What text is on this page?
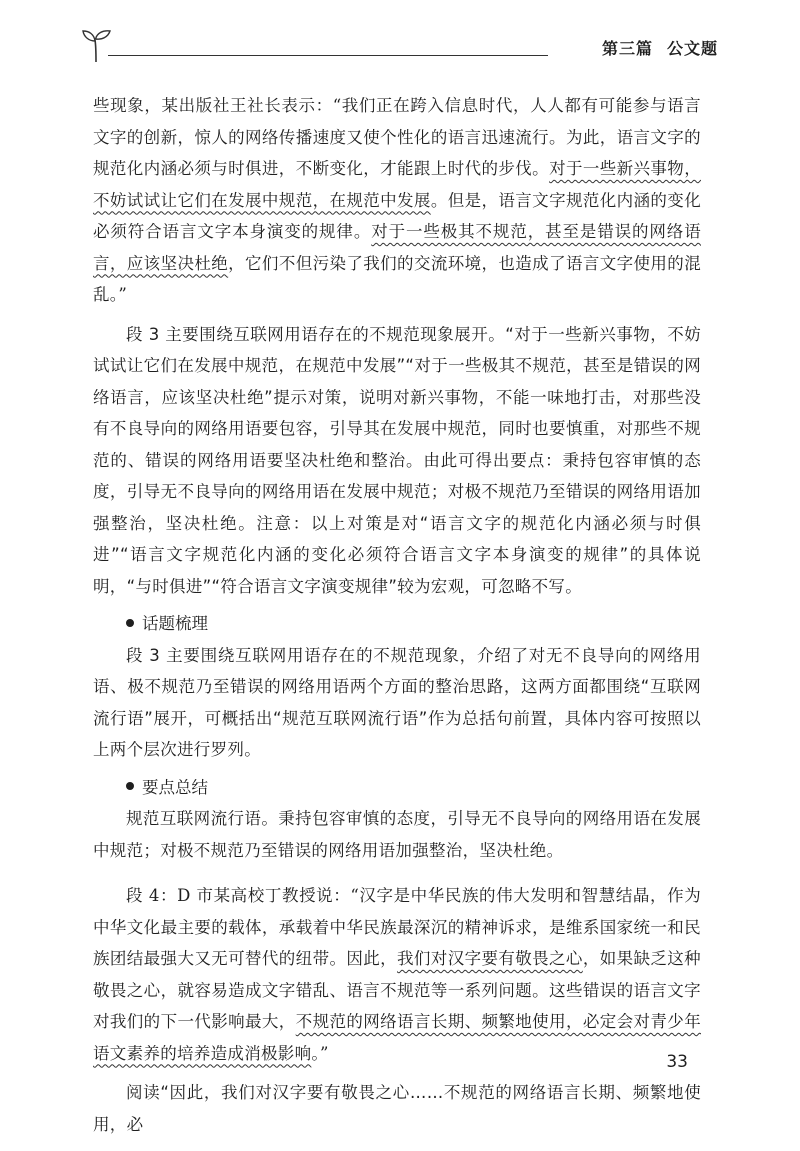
第三篇 公文题

些现象，某出版社王社长表示：“我们正在跨入信息时代，人人都有可能参与语言文字的创新，惊人的网络传播速度又使个性化的语言迅速流行。为此，语言文字的规范化内涵必须与时俱进，不断变化，才能跟上时代的步伐。对于一些新兴事物，不妨试试让它们在发展中规范，在规范中发展。但是，语言文字规范化内涵的变化必须符合语言文字本身演变的规律。对于一些极其不规范，甚至是错误的网络语言，应该坚决杜绝，它们不但污染了我们的交流环境，也造成了语言文字使用的混乱。”

段 3 主要围绕互联网用语存在的不规范现象展开。“对于一些新兴事物，不妨试试让它们在发展中规范，在规范中发展”“对于一些极其不规范，甚至是错误的网络语言，应该坚决杜绝”提示对策，说明对新兴事物，不能一味地打击，对那些没有不良导向的网络用语要包容，引导其在发展中规范，同时也要慎重，对那些不规范的、错误的网络用语要坚决杜绝和整治。由此可得出要点：秉持包容审慎的态度，引导无不良导向的网络用语在发展中规范；对极不规范乃至错误的网络用语加强整治，坚决杜绝。注意：以上对策是对“语言文字的规范化内涵必须与时俱进”“语言文字规范化内涵的变化必须符合语言文字本身演变的规律”的具体说明，“与时俱进”“符合语言文字演变规律”较为宏观，可忽略不写。

话题梳理

段 3 主要围绕互联网用语存在的不规范现象，介绍了对无不良导向的网络用语、极不规范乃至错误的网络用语两个方面的整治思路，这两方面都围绕“互联网流行语”展开，可概括出“规范互联网流行语”作为总括句前置，具体内容可按照以上两个层次进行罗列。

要点总结

规范互联网流行语。秉持包容审慎的态度，引导无不良导向的网络用语在发展中规范；对极不规范乃至错误的网络用语加强整治，坚决杜绝。

段 4：D 市某高校丁教授说：“汉字是中华民族的伟大发明和智慧结晶，作为中华文化最主要的载体，承载着中华民族最深沉的精神诉求，是维系国家统一和民族团结最强大又无可替代的纽带。因此，我们对汉字要有敬畏之心，如果缺乏这种敬畏之心，就容易造成文字错乱、语言不规范等一系列问题。这些错误的语言文字对我们的下一代影响最大，不规范的网络语言长期、频繁地使用，必定会对青少年语文素养的培养造成消极影响。”

阅读“因此，我们对汉字要有敬畏之心……不规范的网络语言长期、频繁地使用，必

33
